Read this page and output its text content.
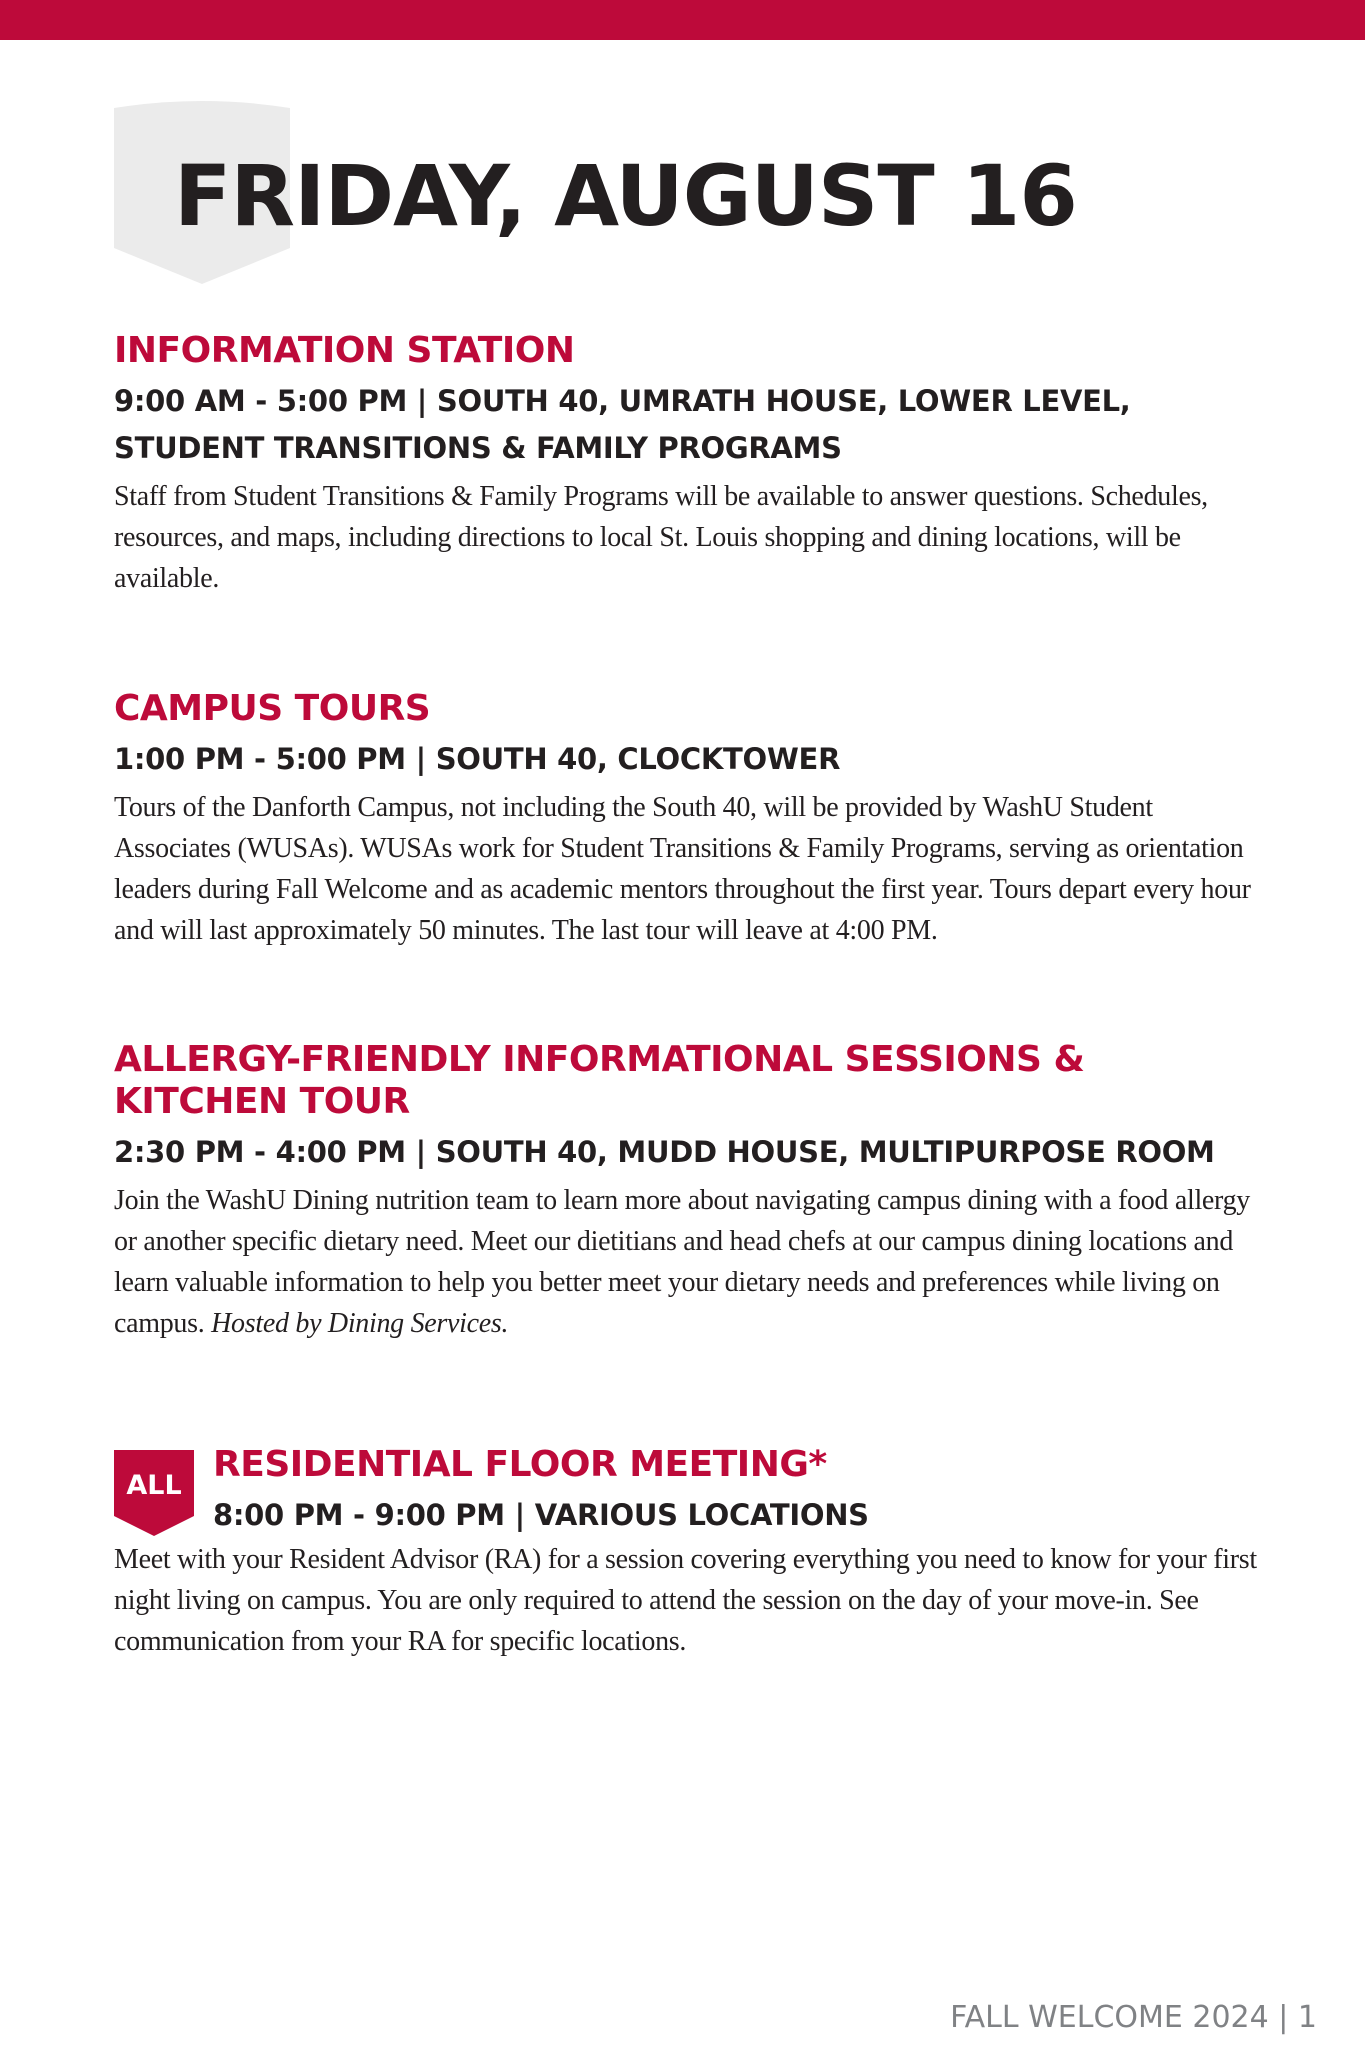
FRIDAY, AUGUST 16
INFORMATION STATION

9:00 AM - 5:00 PM | SOUTH 40, UMRATH HOUSE, LOWER LEVEL, STUDENT TRANSITIONS & FAMILY PROGRAMS

Staff from Student Transitions & Family Programs will be available to answer questions. Schedules, resources, and maps, including directions to local St. Louis shopping and dining locations, will be available.

CAMPUS TOURS

1:00 PM - 5:00 PM | SOUTH 40, CLOCKTOWER

Tours of the Danforth Campus, not including the South 40, will be provided by WashU Student Associates (WUSAs). WUSAs work for Student Transitions & Family Programs, serving as orientation leaders during Fall Welcome and as academic mentors throughout the first year. Tours depart every hour and will last approximately 50 minutes. The last tour will leave at 4:00 PM.

ALLERGY-FRIENDLY INFORMATIONAL SESSIONS & KITCHEN TOUR

2:30 PM - 4:00 PM | SOUTH 40, MUDD HOUSE, MULTIPURPOSE ROOM

Join the WashU Dining nutrition team to learn more about navigating campus dining with a food allergy or another specific dietary need. Meet our dietitians and head chefs at our campus dining locations and learn valuable information to help you better meet your dietary needs and preferences while living on campus. Hosted by Dining Services.

ALL
RESIDENTIAL FLOOR MEETING*

8:00 PM - 9:00 PM | VARIOUS LOCATIONS

Meet with your Resident Advisor (RA) for a session covering everything you need to know for your first night living on campus. You are only required to attend the session on the day of your move-in. See communication from your RA for specific locations.

FALL WELCOME 2024 | 1
